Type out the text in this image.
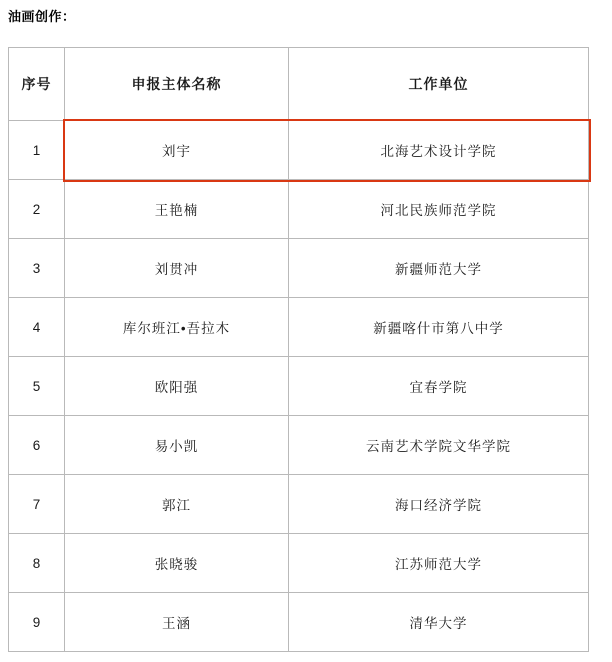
油画创作：
序号	申报主体名称	工作单位
1	刘宇	北海艺术设计学院
2	王艳楠	河北民族师范学院
3	刘贯冲	新疆师范大学
4	库尔班江•吾拉木	新疆喀什市第八中学
5	欧阳强	宜春学院
6	易小凯	云南艺术学院文华学院
7	郭江	海口经济学院
8	张晓骏	江苏师范大学
9	王涵	清华大学
